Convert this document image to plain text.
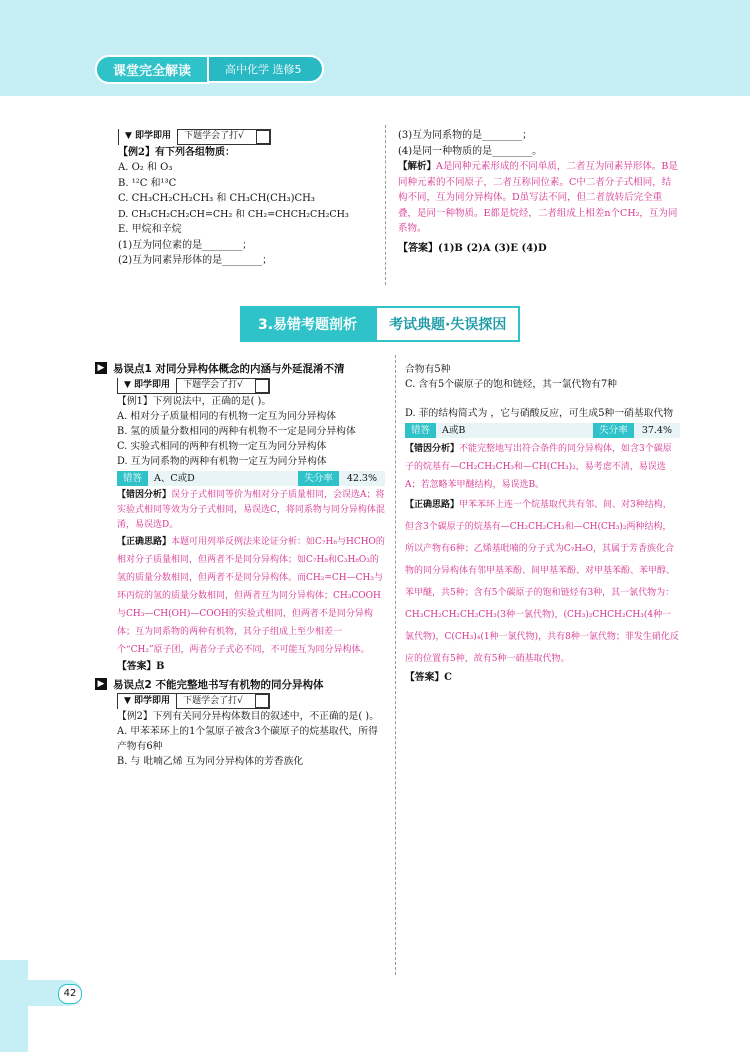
课堂完全解读	高中化学 选修5
▼ 即学即用	下题学会了打√

【例2】有下列各组物质：

A. O₂ 和 O₃

B. ¹²C 和¹³C

C. CH₃CH₂CH₂CH₃ 和 CH₃CH(CH₃)CH₃

D. CH₃CH₂CH₂CH=CH₂ 和 CH₂=CHCH₂CH₂CH₃

E. 甲烷和辛烷

(1)互为同位素的是________；

(2)互为同素异形体的是________；

(3)互为同系物的是________；

(4)是同一种物质的是________。

【解析】A是同种元素形成的不同单质，二者互为同素异形体。B是同种元素的不同原子，二者互称同位素。C中二者分子式相同，结构不同，互为同分异构体。D虽写法不同，但二者放转后完全重叠，是同一种物质。E都是烷烃，二者组成上相差n个CH₂，互为同系物。

【答案】(1)B (2)A (3)E (4)D

3.易错考题剖析	考试典题·失误探因
▶ 易误点1 对同分异构体概念的内涵与外延混淆不清
▼ 即学即用	下题学会了打√

【例1】下列说法中，正确的是( )。

A. 相对分子质量相同的有机物一定互为同分异构体

B. 氢的质量分数相同的两种有机物不一定是同分异构体

C. 实验式相同的两种有机物一定互为同分异构体

D. 互为同系物的两种有机物一定互为同分异构体

错答	A、C或D	失分率	42.3%

【错因分析】误分子式相同等价为相对分子质量相同，会误选A；将实验式相同等效为分子式相同，易误选C，将同系物与同分异构体混淆，易误选D。

【正确思路】本题可用列举反例法来论证分析：如C₇H₈与HCHO的相对分子质量相同，但两者不是同分异构体；如C₇H₈和C₃H₈O₃的氢的质量分数相同，但两者不是同分异构体。而CH₂=CH—CH₃与环丙烷的氢的质量分数相同，但两者互为同分异构体；CH₃COOH与CH₃—CH(OH)—COOH的实验式相同，但两者不是同分异构体；互为同系物的两种有机物，其分子组成上至少相差一个“CH₂”原子团，两者分子式必不同，不可能互为同分异构体。

【答案】B

▶ 易误点2 不能完整地书写有机物的同分异构体
▼ 即学即用	下题学会了打√

【例2】下列有关同分异构体数目的叙述中，不正确的是( )。

A. 甲苯苯环上的1个氢原子被含3个碳原子的烷基取代，所得产物有6种

B. 与 吡喃乙烯 互为同分异构体的芳香族化

合物有5种

C. 含有5个碳原子的饱和链烃，其一氯代物有7种

D. 菲的结构简式为 ，它与硝酸反应，可生成5种一硝基取代物

错答	A或B	失分率	37.4%

【错因分析】不能完整地写出符合条件的同分异构体，如含3个碳原子的烷基有—CH₂CH₂CH₃和—CH(CH₃)₂，易考虑不清，易误选A；若忽略苯甲醚结构，易误选B。

【正确思路】甲苯苯环上连一个烷基取代共有邻、间、对3种结构，但含3个碳原子的烷基有—CH₂CH₂CH₃和—CH(CH₃)₂两种结构，所以产物有6种；乙烯基吡喃的分子式为C₇H₈O，其属于芳香族化合物的同分异构体有邻甲基苯酚、间甲基苯酚、对甲基苯酚、苯甲醇、苯甲醚，共5种；含有5个碳原子的饱和链烃有3种，其一氯代物为：CH₃CH₂CH₂CH₂CH₃(3种一氯代物)，(CH₃)₂CHCH₂CH₃(4种一氯代物)，C(CH₃)₄(1种一氯代物)，共有8种一氯代物；菲发生硝化反应的位置有5种，故有5种一硝基取代物。

【答案】C

42
